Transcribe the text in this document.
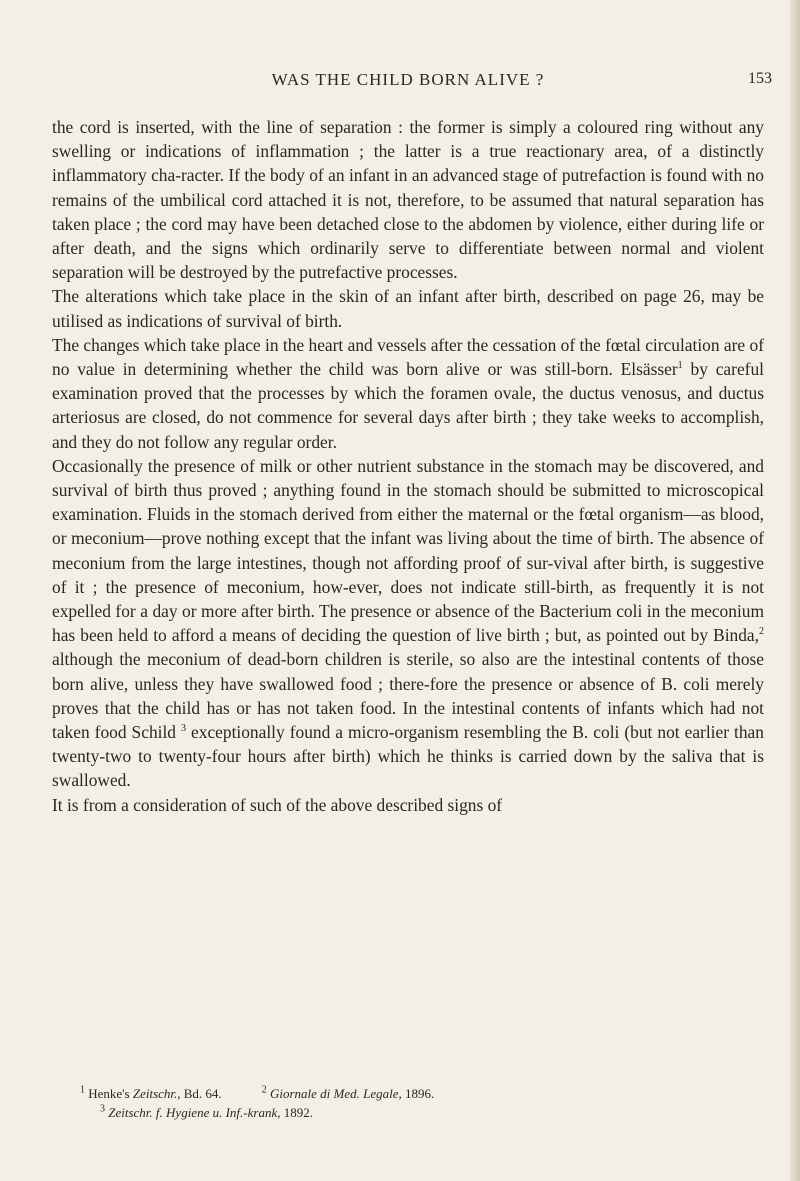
WAS THE CHILD BORN ALIVE ?	153

the cord is inserted, with the line of separation : the former is simply a coloured ring without any swelling or indications of inflammation ; the latter is a true reactionary area, of a distinctly inflammatory cha-racter. If the body of an infant in an advanced stage of putrefaction is found with no remains of the umbilical cord attached it is not, therefore, to be assumed that natural separation has taken place ; the cord may have been detached close to the abdomen by violence, either during life or after death, and the signs which ordinarily serve to differentiate between normal and violent separation will be destroyed by the putrefactive processes.

The alterations which take place in the skin of an infant after birth, described on page 26, may be utilised as indications of survival of birth.

The changes which take place in the heart and vessels after the cessation of the fœtal circulation are of no value in determining whether the child was born alive or was still-born. Elsässer$^1$ by careful examination proved that the processes by which the foramen ovale, the ductus venosus, and ductus arteriosus are closed, do not commence for several days after birth ; they take weeks to accomplish, and they do not follow any regular order.

Occasionally the presence of milk or other nutrient substance in the stomach may be discovered, and survival of birth thus proved ; anything found in the stomach should be submitted to microscopical examination. Fluids in the stomach derived from either the maternal or the fœtal organism—as blood, or meconium—prove nothing except that the infant was living about the time of birth. The absence of meconium from the large intestines, though not affording proof of sur-vival after birth, is suggestive of it ; the presence of meconium, how-ever, does not indicate still-birth, as frequently it is not expelled for a day or more after birth. The presence or absence of the Bacterium coli in the meconium has been held to afford a means of deciding the question of live birth ; but, as pointed out by Binda,$^2$ although the meconium of dead-born children is sterile, so also are the intestinal contents of those born alive, unless they have swallowed food ; there-fore the presence or absence of B. coli merely proves that the child has or has not taken food. In the intestinal contents of infants which had not taken food Schild $^3$ exceptionally found a micro-organism resembling the B. coli (but not earlier than twenty-two to twenty-four hours after birth) which he thinks is carried down by the saliva that is swallowed.

It is from a consideration of such of the above described signs of

$^1$ Henke's Zeitschr., Bd. 64.	$^2$ Giornale di Med. Legale, 1896.
$^3$ Zeitschr. f. Hygiene u. Inf.-krank, 1892.
